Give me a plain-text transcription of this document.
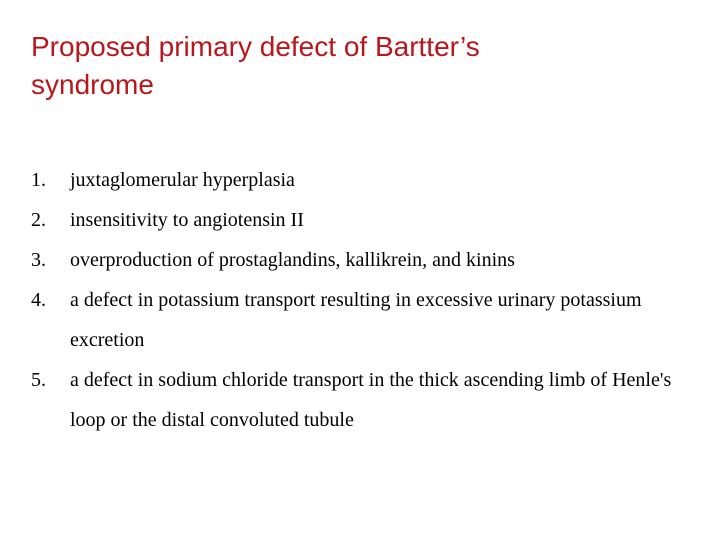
Proposed primary defect of Bartter’s
syndrome
1.	juxtaglomerular hyperplasia
2.	insensitivity to angiotensin II
3.	overproduction of prostaglandins, kallikrein, and kinins
4.	a defect in potassium transport resulting in excessive urinary potassium excretion
5.	a defect in sodium chloride transport in the thick ascending limb of Henle's loop or the distal convoluted tubule
